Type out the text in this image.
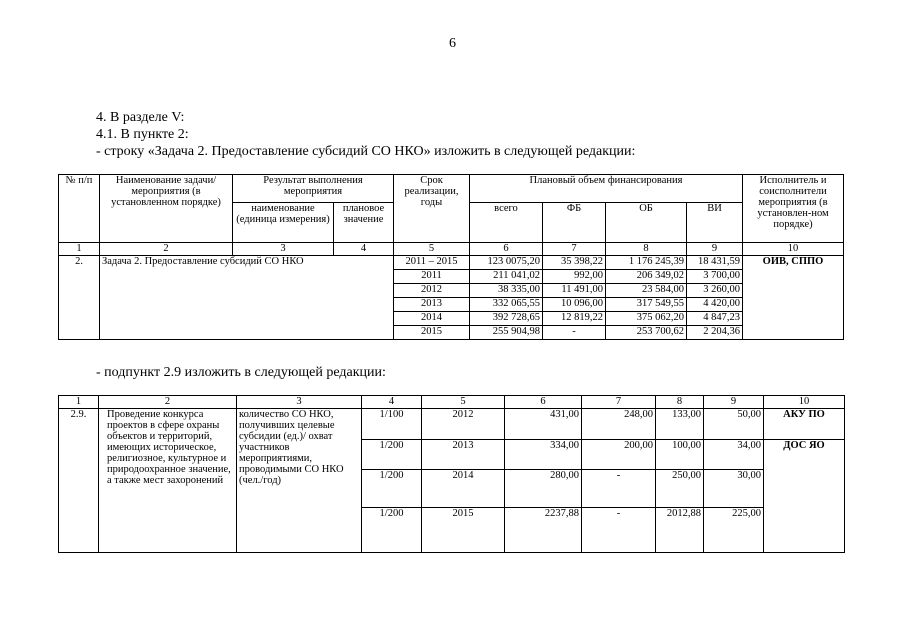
6
4. В разделе V:
4.1. В пункте 2:
- строку «Задача 2. Предоставление субсидий СО НКО» изложить в следующей редакции:
- подпункт 2.9 изложить в следующей редакции:
№ п/п	Наименование задачи/мероприятия (в установленном порядке)	Результат выполнения мероприятия		Срок реализации, годы	Плановый объем финансирования				Исполнитель и соисполнители мероприятия (в установлен-ном порядке)
		наименование (единица измерения)	плановое значение		всего	ФБ	ОБ	ВИ	
1	2	3	4	5	6	7	8	9	10
2.	Задача 2. Предоставление субсидий СО НКО			2011 – 2015	123 0075,20	35 398,22	1 176 245,39	18 431,59	ОИВ, СППО
				2011	211 041,02	992,00	206 349,02	3 700,00	
				2012	38 335,00	11 491,00	23 584,00	3 260,00	
				2013	332 065,55	10 096,00	317 549,55	4 420,00	
				2014	392 728,65	12 819,22	375 062,20	4 847,23	
				2015	255 904,98	-	253 700,62	2 204,36	
1	2	3	4	5	6	7	8	9	10
2.9.	Проведение конкурса проектов в сфере охраны объектов и территорий, имеющих историческое, религиозное, культурное и природоохранное значение, а также мест захоронений	количество СО НКО, получивших целевые субсидии (ед.)/ охват участников мероприятиями, проводимыми СО НКО (чел./год)	1/100	2012	431,00	248,00	133,00	50,00	АКУ ПО
			1/200	2013	334,00	200,00	100,00	34,00	ДОС ЯО
			1/200	2014	280,00	-	250,00	30,00	
			1/200	2015	2237,88	-	2012,88	225,00	
